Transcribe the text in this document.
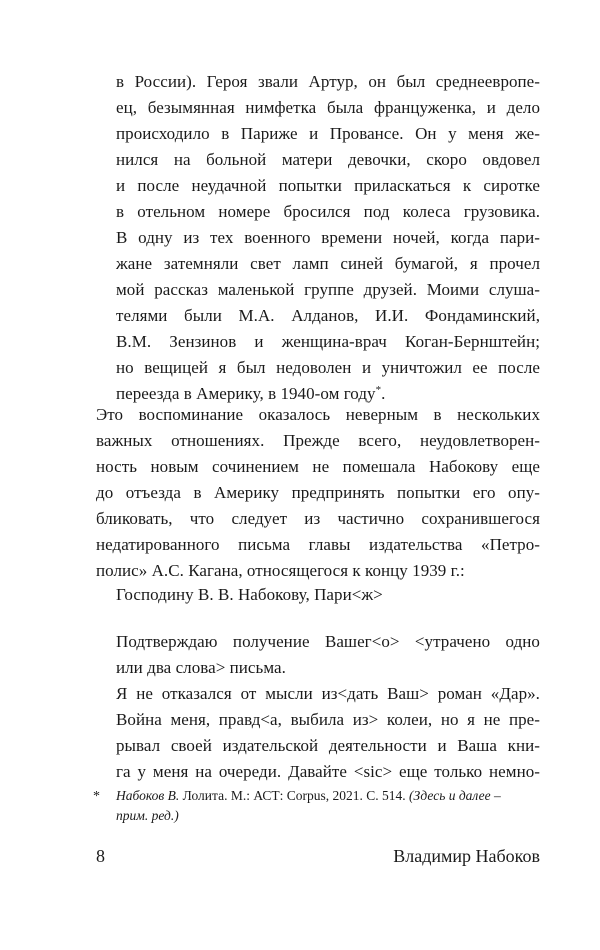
в России). Героя звали Артур, он был среднеевропе-
ец, безымянная нимфетка была француженка, и дело
происходило в Париже и Провансе. Он у меня же-
нился на больной матери девочки, скоро овдовел
и после неудачной попытки приласкаться к сиротке
в отельном номере бросился под колеса грузовика.
В одну из тех военного времени ночей, когда пари-
жане затемняли свет ламп синей бумагой, я прочел
мой рассказ маленькой группе друзей. Моими слуша-
телями были М.А. Алданов, И.И. Фондаминский,
В.М. Зензинов и женщина-врач Коган-Бернштейн;
но вещицей я был недоволен и уничтожил ее после
переезда в Америку, в 1940-ом году*.
Это воспоминание оказалось неверным в нескольких
важных отношениях. Прежде всего, неудовлетворен-
ность новым сочинением не помешала Набокову еще
до отъезда в Америку предпринять попытки его опу-
бликовать, что следует из частично сохранившегося
недатированного письма главы издательства «Петро-
полис» А.С. Кагана, относящегося к концу 1939 г.:
Господину В. В. Набокову, Пари<ж>
Подтверждаю получение Вашег<о> <утрачено одно
или два слова> письма.
Я не отказался от мысли из<дать Ваш> роман «Дар».
Война меня, правд<а, выбила из> колеи, но я не пре-
рывал своей издательской деятельности и Ваша кни-
га у меня на очереди. Давайте <sic> еще только немно-
* Набоков В. Лолита. М.: АСТ: Corpus, 2021. С. 514. (Здесь и далее –
прим. ред.)
8	Владимир Набоков
